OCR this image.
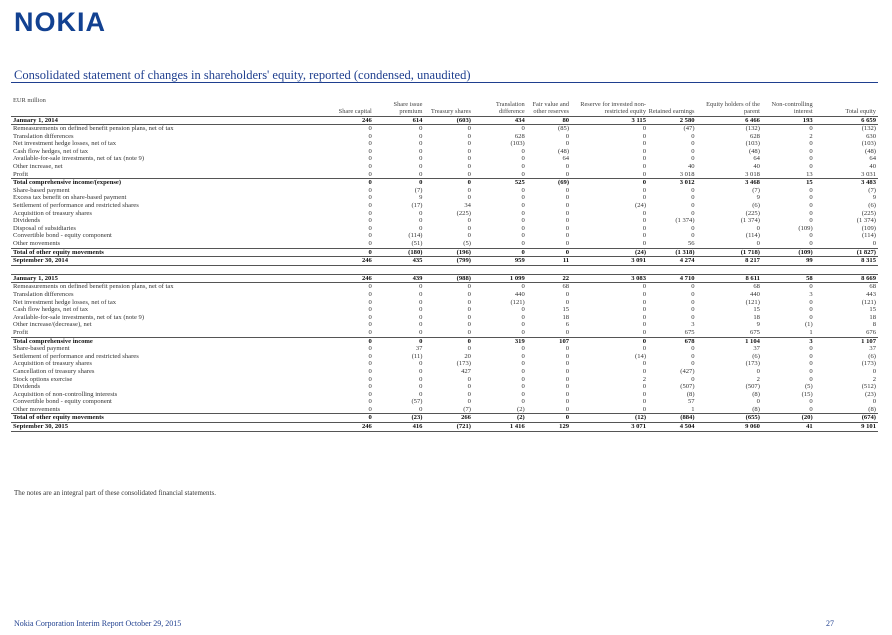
NOKIA
Consolidated statement of changes in shareholders' equity, reported (condensed, unaudited)
EUR million	Share capital	Share issue premium	Treasury shares	Translation difference	Fair value and other reserves	Reserve for invested non-restricted equity	Retained earnings	Equity holders of the parent	Non-controlling interest	Total equity
January 1, 2014	246	614	(603)	434	80	3 115	2 580	6 466	193	6 659
Remeasurements on defined benefit pension plans, net of tax	0	0	0	0	(85)	0	(47)	(132)	0	(132)
Translation differences	0	0	0	628	0	0	0	628	2	630
Net investment hedge losses, net of tax	0	0	0	(103)	0	0	0	(103)	0	(103)
Cash flow hedges, net of tax	0	0	0	0	(48)	0	0	(48)	0	(48)
Available-for-sale investments, net of tax (note 9)	0	0	0	0	64	0	0	64	0	64
Other increase, net	0	0	0	0	0	0	40	40	0	40
Profit	0	0	0	0	0	0	3 018	3 018	13	3 031
Total comprehensive income/(expense)	0	0	0	525	(69)	0	3 012	3 468	15	3 483
Share-based payment	0	(7)	0	0	0	0	0	(7)	0	(7)
Excess tax benefit on share-based payment	0	9	0	0	0	0	0	9	0	9
Settlement of performance and restricted shares	0	(17)	34	0	0	(24)	0	(6)	0	(6)
Acquisition of treasury shares	0	0	(225)	0	0	0	0	(225)	0	(225)
Dividends	0	0	0	0	0	0	(1 374)	(1 374)	0	(1 374)
Disposal of subsidiaries	0	0	0	0	0	0	0	0	(109)	(109)
Convertible bond - equity component	0	(114)	0	0	0	0	0	(114)	0	(114)
Other movements	0	(51)	(5)	0	0	0	56	0	0	0
Total of other equity movements	0	(180)	(196)	0	0	(24)	(1 318)	(1 718)	(109)	(1 827)
September 30, 2014	246	435	(799)	959	11	3 091	4 274	8 217	99	8 315

January 1, 2015	246	439	(988)	1 099	22	3 083	4 710	8 611	58	8 669
Remeasurements on defined benefit pension plans, net of tax	0	0	0	0	68	0	0	68	0	68
Translation differences	0	0	0	440	0	0	0	440	3	443
Net investment hedge losses, net of tax	0	0	0	(121)	0	0	0	(121)	0	(121)
Cash flow hedges, net of tax	0	0	0	0	15	0	0	15	0	15
Available-for-sale investments, net of tax (note 9)	0	0	0	0	18	0	0	18	0	18
Other increase/(decrease), net	0	0	0	0	6	0	3	9	(1)	8
Profit	0	0	0	0	0	0	675	675	1	676
Total comprehensive income	0	0	0	319	107	0	678	1 104	3	1 107
Share-based payment	0	37	0	0	0	0	0	37	0	37
Settlement of performance and restricted shares	0	(11)	20	0	0	(14)	0	(6)	0	(6)
Acquisition of treasury shares	0	0	(173)	0	0	0	0	(173)	0	(173)
Cancellation of treasury shares	0	0	427	0	0	0	(427)	0	0	0
Stock options exercise	0	0	0	0	0	2	0	2	0	2
Dividends	0	0	0	0	0	0	(507)	(507)	(5)	(512)
Acquisition of non-controlling interests	0	0	0	0	0	0	(8)	(8)	(15)	(23)
Convertible bond - equity component	0	(57)	0	0	0	0	57	0	0	0
Other movements	0	0	(7)	(2)	0	0	1	(8)	0	(8)
Total of other equity movements	0	(23)	266	(2)	0	(12)	(884)	(655)	(20)	(674)
September 30, 2015	246	416	(721)	1 416	129	3 071	4 504	9 060	41	9 101
The notes are an integral part of these consolidated financial statements.
Nokia Corporation Interim Report October 29, 2015	27
